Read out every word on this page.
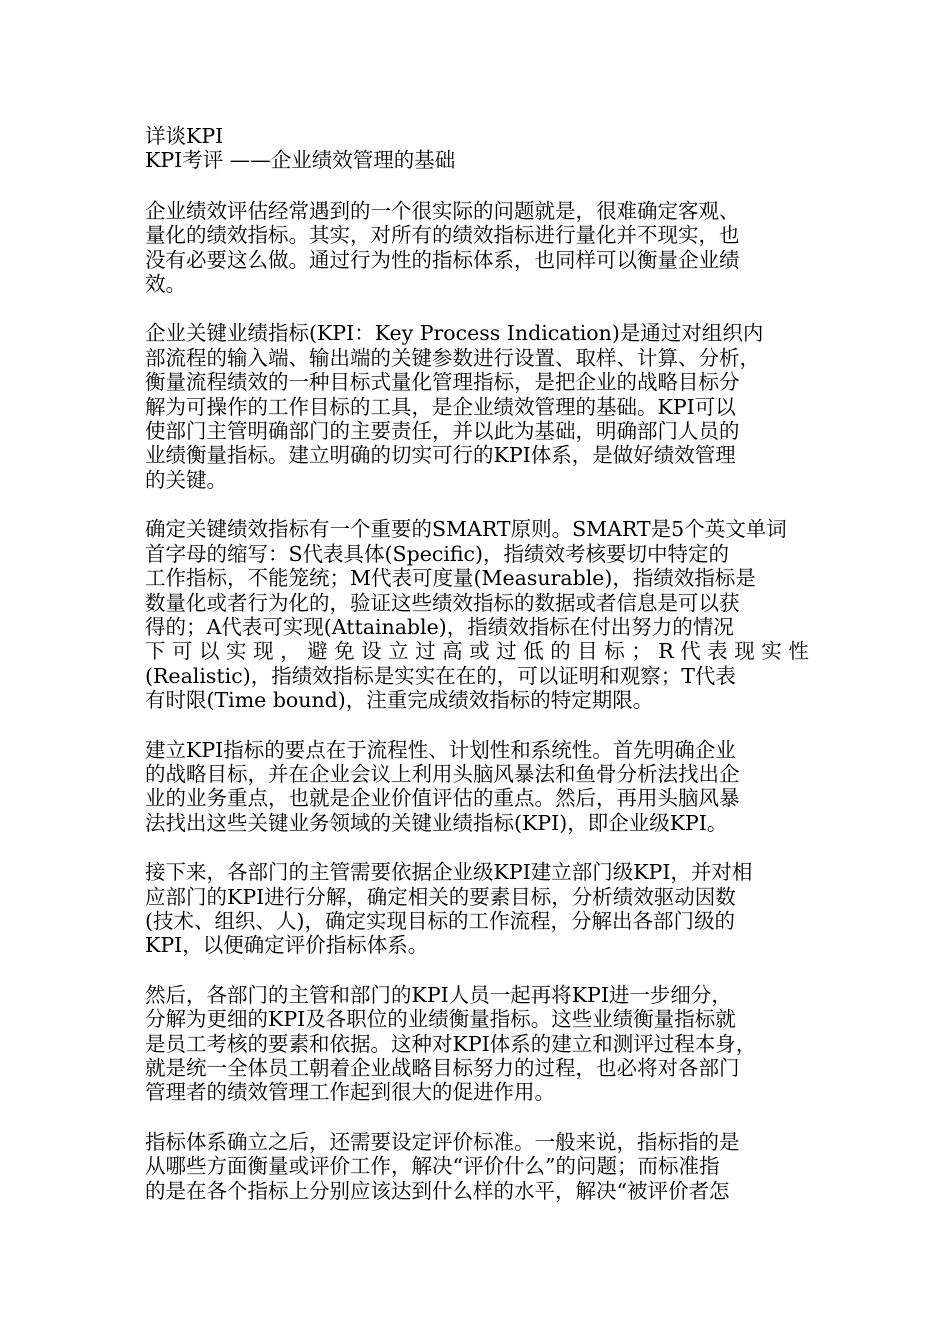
详谈KPI

KPI考评 ——企业绩效管理的基础

企业绩效评估经常遇到的一个很实际的问题就是，很难确定客观、
量化的绩效指标。其实，对所有的绩效指标进行量化并不现实，也
没有必要这么做。通过行为性的指标体系，也同样可以衡量企业绩
效。

企业关键业绩指标(KPI：Key Process Indication)是通过对组织内
部流程的输入端、输出端的关键参数进行设置、取样、计算、分析，
衡量流程绩效的一种目标式量化管理指标，是把企业的战略目标分
解为可操作的工作目标的工具，是企业绩效管理的基础。KPI可以
使部门主管明确部门的主要责任，并以此为基础，明确部门人员的
业绩衡量指标。建立明确的切实可行的KPI体系，是做好绩效管理
的关键。

确定关键绩效指标有一个重要的SMART原则。SMART是5个英文单词
首字母的缩写：S代表具体(Specific)，指绩效考核要切中特定的
工作指标，不能笼统；M代表可度量(Measurable)，指绩效指标是
数量化或者行为化的，验证这些绩效指标的数据或者信息是可以获
得的；A代表可实现(Attainable)，指绩效指标在付出努力的情况
下 可 以 实 现 ， 避 免 设 立 过 高 或 过 低 的 目 标 ； R 代 表 现 实 性
(Realistic)，指绩效指标是实实在在的，可以证明和观察；T代表
有时限(Time bound)，注重完成绩效指标的特定期限。

建立KPI指标的要点在于流程性、计划性和系统性。首先明确企业
的战略目标，并在企业会议上利用头脑风暴法和鱼骨分析法找出企
业的业务重点，也就是企业价值评估的重点。然后，再用头脑风暴
法找出这些关键业务领域的关键业绩指标(KPI)，即企业级KPI。

接下来，各部门的主管需要依据企业级KPI建立部门级KPI，并对相
应部门的KPI进行分解，确定相关的要素目标，分析绩效驱动因数
(技术、组织、人)，确定实现目标的工作流程，分解出各部门级的
KPI，以便确定评价指标体系。

然后，各部门的主管和部门的KPI人员一起再将KPI进一步细分，
分解为更细的KPI及各职位的业绩衡量指标。这些业绩衡量指标就
是员工考核的要素和依据。这种对KPI体系的建立和测评过程本身，
就是统一全体员工朝着企业战略目标努力的过程，也必将对各部门
管理者的绩效管理工作起到很大的促进作用。

指标体系确立之后，还需要设定评价标准。一般来说，指标指的是
从哪些方面衡量或评价工作，解决“评价什么”的问题；而标准指
的是在各个指标上分别应该达到什么样的水平，解决“被评价者怎
